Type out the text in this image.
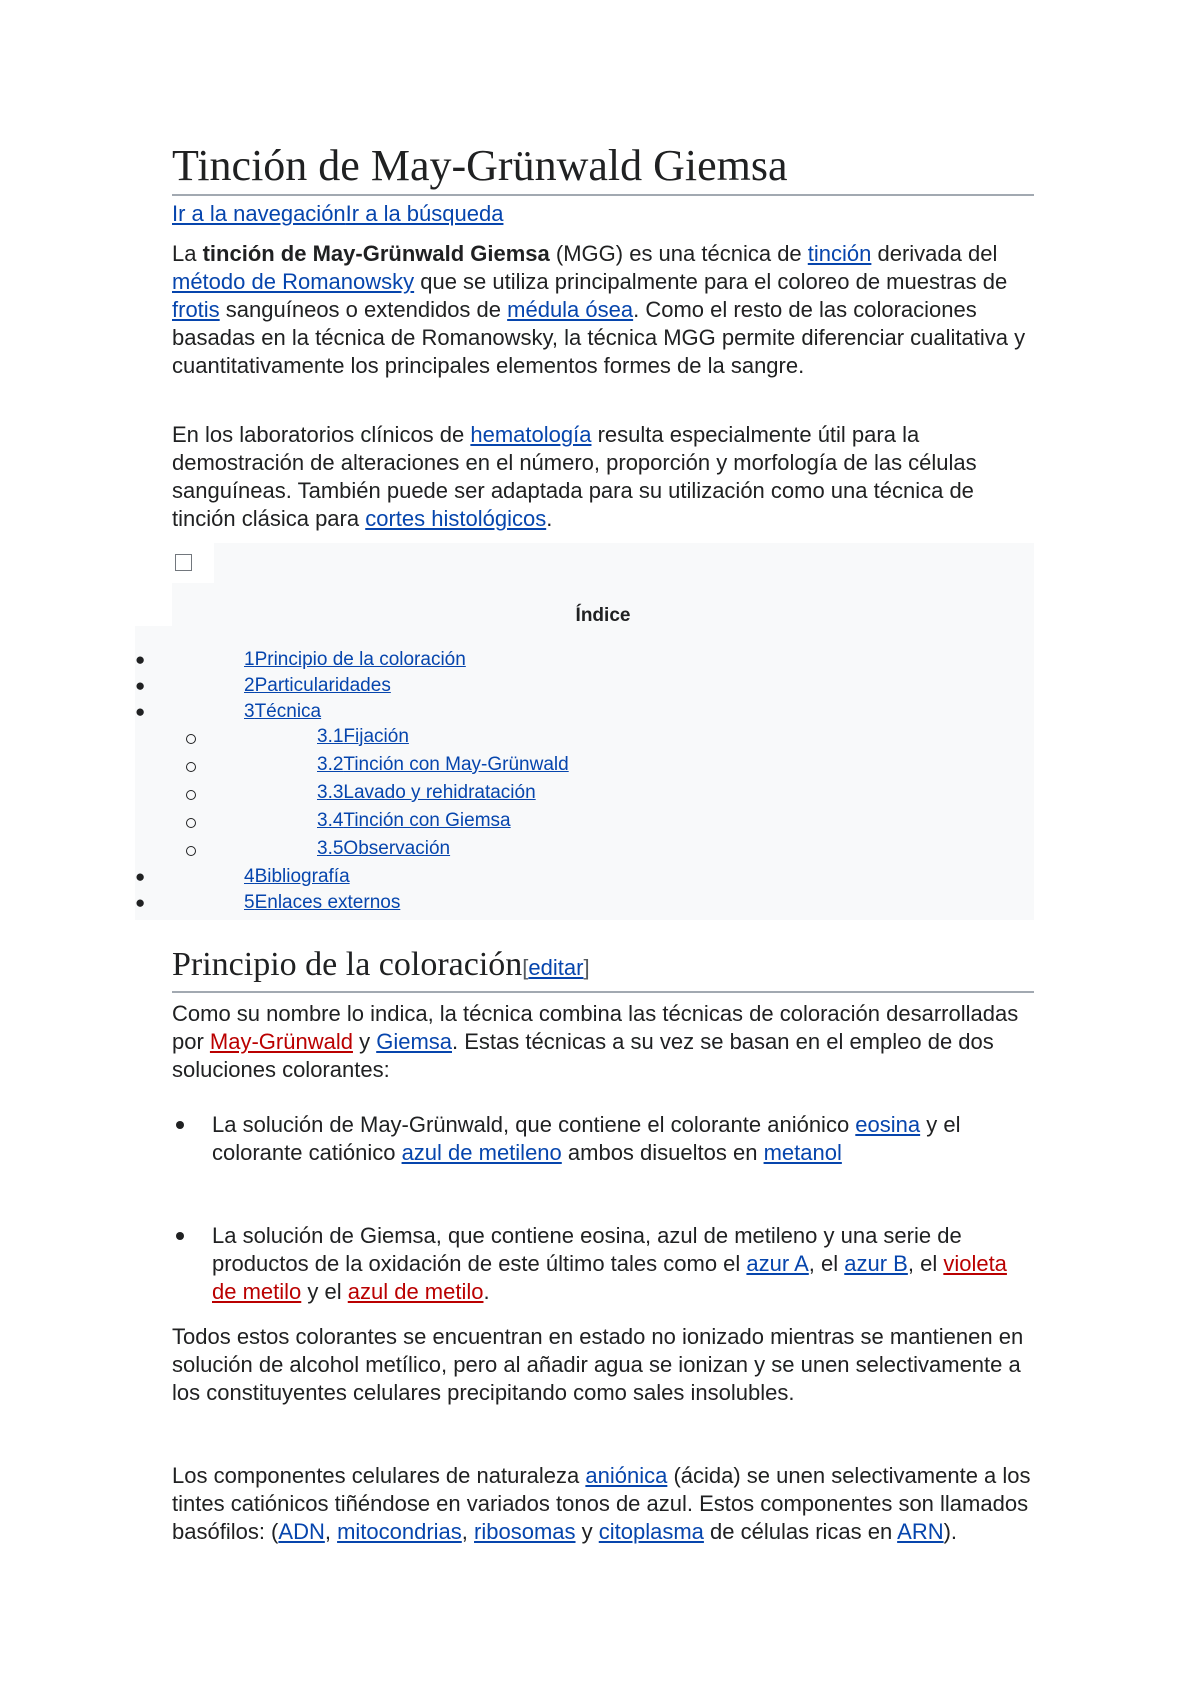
Tinción de May-Grünwald Giemsa
Ir a la navegaciónIr a la búsqueda

La tinción de May-Grünwald Giemsa (MGG) es una técnica de tinción derivada del método de Romanowsky que se utiliza principalmente para el coloreo de muestras de frotis sanguíneos o extendidos de médula ósea. Como el resto de las coloraciones basadas en la técnica de Romanowsky, la técnica MGG permite diferenciar cualitativa y cuantitativamente los principales elementos formes de la sangre.

En los laboratorios clínicos de hematología resulta especialmente útil para la demostración de alteraciones en el número, proporción y morfología de las células sanguíneas. También puede ser adaptada para su utilización como una técnica de tinción clásica para cortes histológicos.

Índice
●	1Principio de la coloración
●	2Particularidades
●	3Técnica
3.1Fijación
3.2Tinción con May-Grünwald
3.3Lavado y rehidratación
3.4Tinción con Giemsa
3.5Observación
●	4Bibliografía
●	5Enlaces externos
Principio de la coloración[editar]

Como su nombre lo indica, la técnica combina las técnicas de coloración desarrolladas por May-Grünwald y Giemsa. Estas técnicas a su vez se basan en el empleo de dos soluciones colorantes:

La solución de May-Grünwald, que contiene el colorante aniónico eosina y el colorante catiónico azul de metileno ambos disueltos en metanol
La solución de Giemsa, que contiene eosina, azul de metileno y una serie de productos de la oxidación de este último tales como el azur A, el azur B, el violeta de metilo y el azul de metilo.

Todos estos colorantes se encuentran en estado no ionizado mientras se mantienen en solución de alcohol metílico, pero al añadir agua se ionizan y se unen selectivamente a los constituyentes celulares precipitando como sales insolubles.

Los componentes celulares de naturaleza aniónica (ácida) se unen selectivamente a los tintes catiónicos tiñéndose en variados tonos de azul. Estos componentes son llamados basófilos: (ADN, mitocondrias, ribosomas y citoplasma de células ricas en ARN).
